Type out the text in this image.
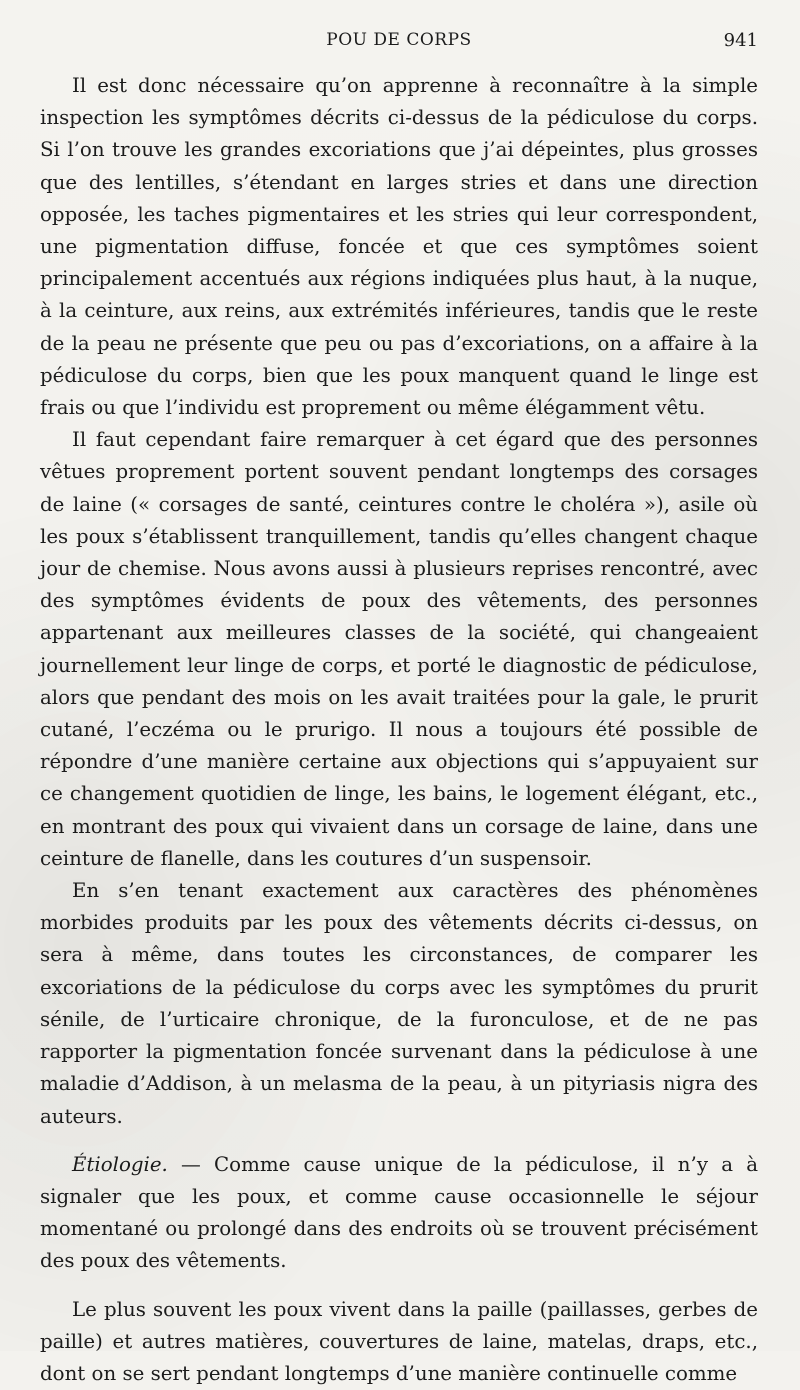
POU DE CORPS	941

Il est donc nécessaire qu’on apprenne à reconnaître à la simple inspection les symptômes décrits ci-dessus de la pédiculose du corps. Si l’on trouve les grandes excoriations que j’ai dépeintes, plus grosses que des lentilles, s’étendant en larges stries et dans une direction opposée, les taches pigmentaires et les stries qui leur correspondent, une pigmentation diffuse, foncée et que ces symptômes soient principalement accentués aux régions indiquées plus haut, à la nuque, à la ceinture, aux reins, aux extrémités inférieures, tandis que le reste de la peau ne présente que peu ou pas d’excoriations, on a affaire à la pédiculose du corps, bien que les poux manquent quand le linge est frais ou que l’individu est proprement ou même élégamment vêtu.

Il faut cependant faire remarquer à cet égard que des personnes vêtues proprement portent souvent pendant longtemps des corsages de laine (« corsages de santé, ceintures contre le choléra »), asile où les poux s’établissent tranquillement, tandis qu’elles changent chaque jour de chemise. Nous avons aussi à plusieurs reprises rencontré, avec des symptômes évidents de poux des vêtements, des personnes appartenant aux meilleures classes de la société, qui changeaient journellement leur linge de corps, et porté le diagnostic de pédiculose, alors que pendant des mois on les avait traitées pour la gale, le prurit cutané, l’eczéma ou le prurigo. Il nous a toujours été possible de répondre d’une manière certaine aux objections qui s’appuyaient sur ce changement quotidien de linge, les bains, le logement élégant, etc., en montrant des poux qui vivaient dans un corsage de laine, dans une ceinture de flanelle, dans les coutures d’un suspensoir.

En s’en tenant exactement aux caractères des phénomènes morbides produits par les poux des vêtements décrits ci-dessus, on sera à même, dans toutes les circonstances, de comparer les excoriations de la pédiculose du corps avec les symptômes du prurit sénile, de l’urticaire chronique, de la furonculose, et de ne pas rapporter la pigmentation foncée survenant dans la pédiculose à une maladie d’Addison, à un melasma de la peau, à un pityriasis nigra des auteurs.

Étiologie. — Comme cause unique de la pédiculose, il n’y a à signaler que les poux, et comme cause occasionnelle le séjour momentané ou prolongé dans des endroits où se trouvent précisément des poux des vêtements.

Le plus souvent les poux vivent dans la paille (paillasses, gerbes de paille) et autres matières, couvertures de laine, matelas, draps, etc., dont on se sert pendant longtemps d’une manière continuelle comme
